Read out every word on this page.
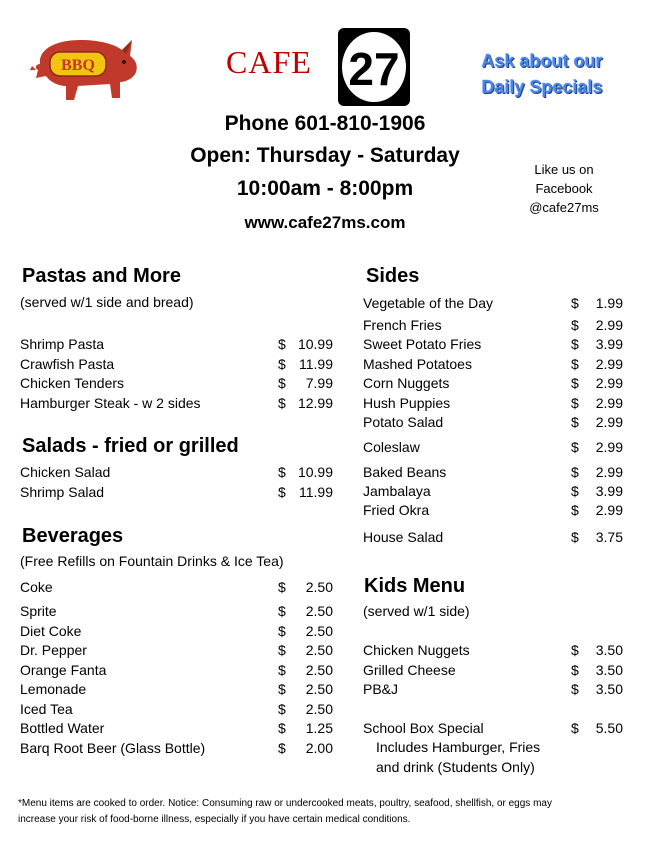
BBQ	CAFE 27	Ask about our
Daily Specials
Phone 601-810-1906
Open: Thursday - Saturday
10:00am - 8:00pm
www.cafe27ms.com
Like us on
Facebook
@cafe27ms
Pastas and More
(served w/1 side and bread)
Shrimp Pasta	$ 10.99
Crawfish Pasta	$ 11.99
Chicken Tenders	$	7.99
Hamburger Steak - w 2 sides	$ 12.99
Salads - fried or grilled
Chicken Salad	$ 10.99
Shrimp Salad	$ 11.99
Beverages
(Free Refills on Fountain Drinks & Ice Tea)
Coke	$	2.50
Sprite	$	2.50
Diet Coke	$	2.50
Dr. Pepper	$	2.50
Orange Fanta	$	2.50
Lemonade	$	2.50
Iced Tea	$	2.50
Bottled Water	$	1.25
Barq Root Beer (Glass Bottle)	$	2.00
Sides
Vegetable of the Day	$	1.99
French Fries	$	2.99
Sweet Potato Fries	$	3.99
Mashed Potatoes	$	2.99
Corn Nuggets	$	2.99
Hush Puppies	$	2.99
Potato Salad	$	2.99
Coleslaw	$	2.99
Baked Beans	$	2.99
Jambalaya	$	3.99
Fried Okra	$	2.99
House Salad	$	3.75
Kids Menu
(served w/1 side)
Chicken Nuggets	$	3.50
Grilled Cheese	$	3.50
PB&J	$	3.50
School Box Special	$	5.50
Includes Hamburger, Fries
and drink (Students Only)
*Menu items are cooked to order. Notice: Consuming raw or undercooked meats, poultry, seafood, shellfish, or eggs may
increase your risk of food-borne illness, especially if you have certain medical conditions.
